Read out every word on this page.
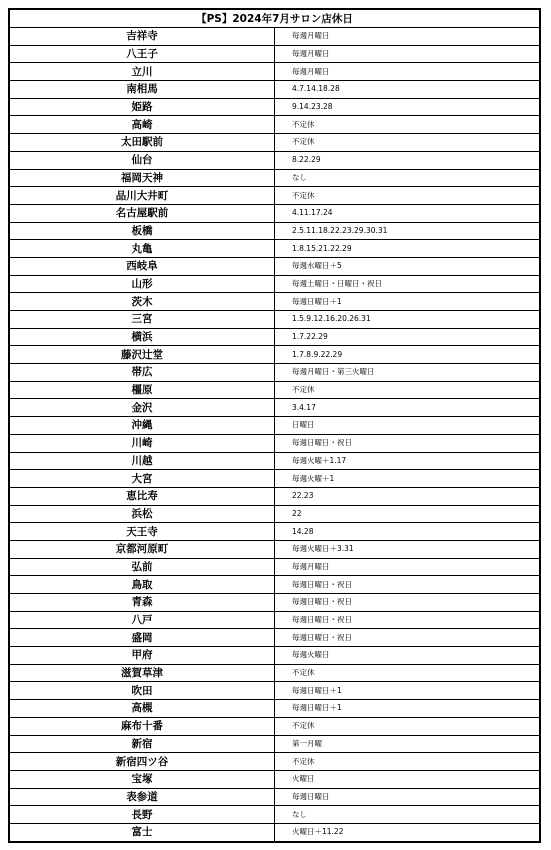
【PS】2024年7月サロン店休日	
吉祥寺	毎週月曜日
八王子	毎週月曜日
立川	毎週月曜日
南相馬	4.7.14.18.28
姫路	9.14.23.28
高崎	不定休
太田駅前	不定休
仙台	8.22.29
福岡天神	なし
品川大井町	不定休
名古屋駅前	4.11.17.24
板橋	2.5.11.18.22.23.29.30.31
丸亀	1.8.15.21.22.29
西岐阜	毎週水曜日＋5
山形	毎週土曜日・日曜日・祝日
茨木	毎週日曜日＋1
三宮	1.5.9.12.16.20.26.31
横浜	1.7.22.29
藤沢辻堂	1.7.8.9.22.29
帯広	毎週月曜日・第三火曜日
橿原	不定休
金沢	3.4.17
沖縄	日曜日
川崎	毎週日曜日・祝日
川越	毎週火曜＋1.17
大宮	毎週火曜＋1
恵比寿	22.23
浜松	22
天王寺	14.28
京都河原町	毎週火曜日＋3.31
弘前	毎週月曜日
鳥取	毎週日曜日・祝日
青森	毎週日曜日・祝日
八戸	毎週日曜日・祝日
盛岡	毎週日曜日・祝日
甲府	毎週火曜日
滋賀草津	不定休
吹田	毎週日曜日＋1
高槻	毎週日曜日＋1
麻布十番	不定休
新宿	第一月曜
新宿四ツ谷	不定休
宝塚	火曜日
表参道	毎週日曜日
長野	なし
富士	火曜日＋11.22
